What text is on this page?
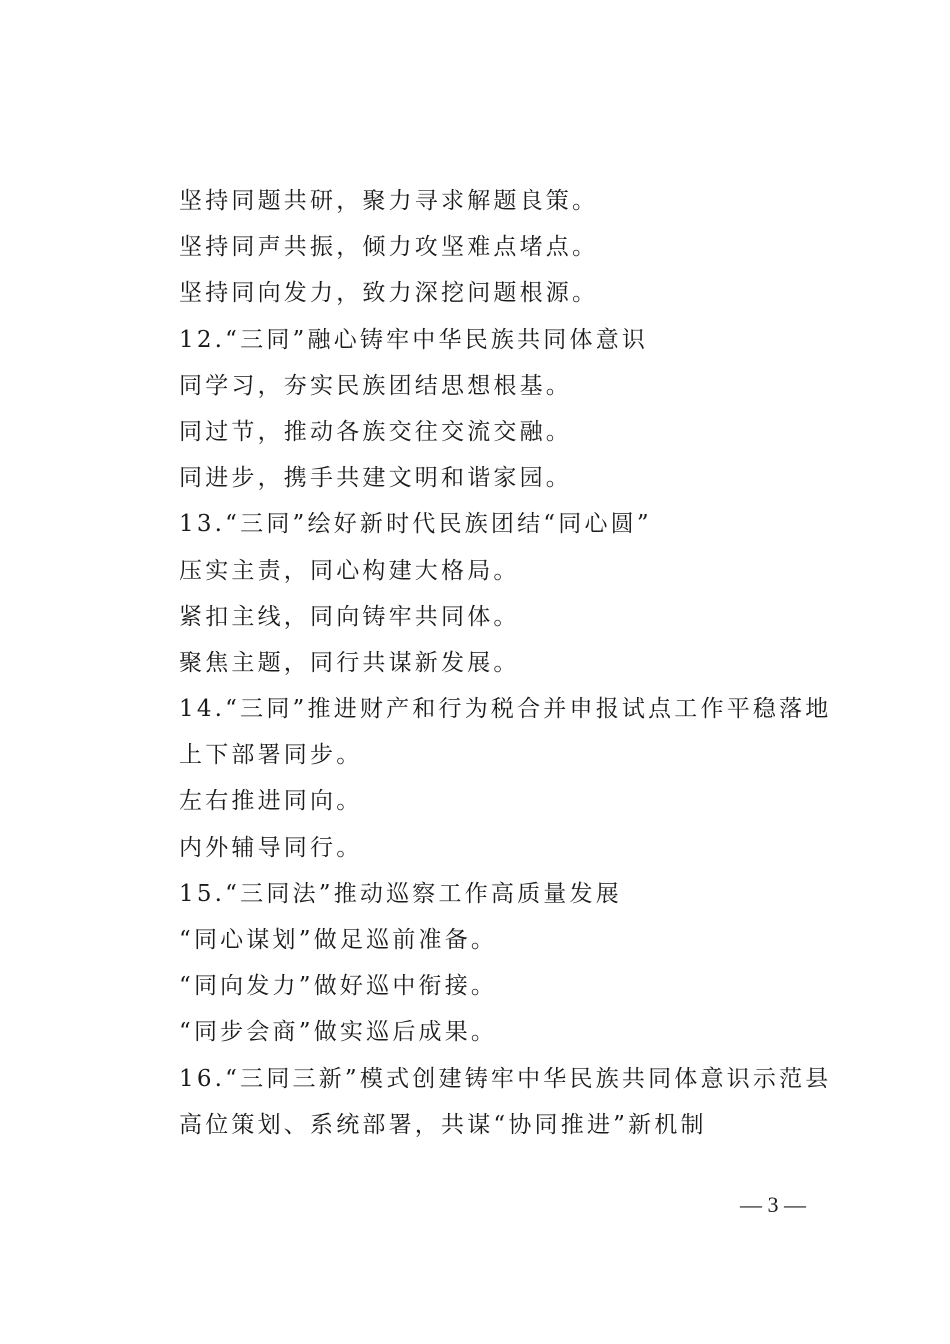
坚持同题共研，聚力寻求解题良策。
坚持同声共振，倾力攻坚难点堵点。
坚持同向发力，致力深挖问题根源。
12.“三同”融心铸牢中华民族共同体意识
同学习，夯实民族团结思想根基。
同过节，推动各族交往交流交融。
同进步，携手共建文明和谐家园。
13.“三同”绘好新时代民族团结“同心圆”
压实主责，同心构建大格局。
紧扣主线，同向铸牢共同体。
聚焦主题，同行共谋新发展。
14.“三同”推进财产和行为税合并申报试点工作平稳落地
上下部署同步。
左右推进同向。
内外辅导同行。
15.“三同法”推动巡察工作高质量发展
“同心谋划”做足巡前准备。
“同向发力”做好巡中衔接。
“同步会商”做实巡后成果。
16.“三同三新”模式创建铸牢中华民族共同体意识示范县
高位策划、系统部署，共谋“协同推进”新机制
— 3 —
